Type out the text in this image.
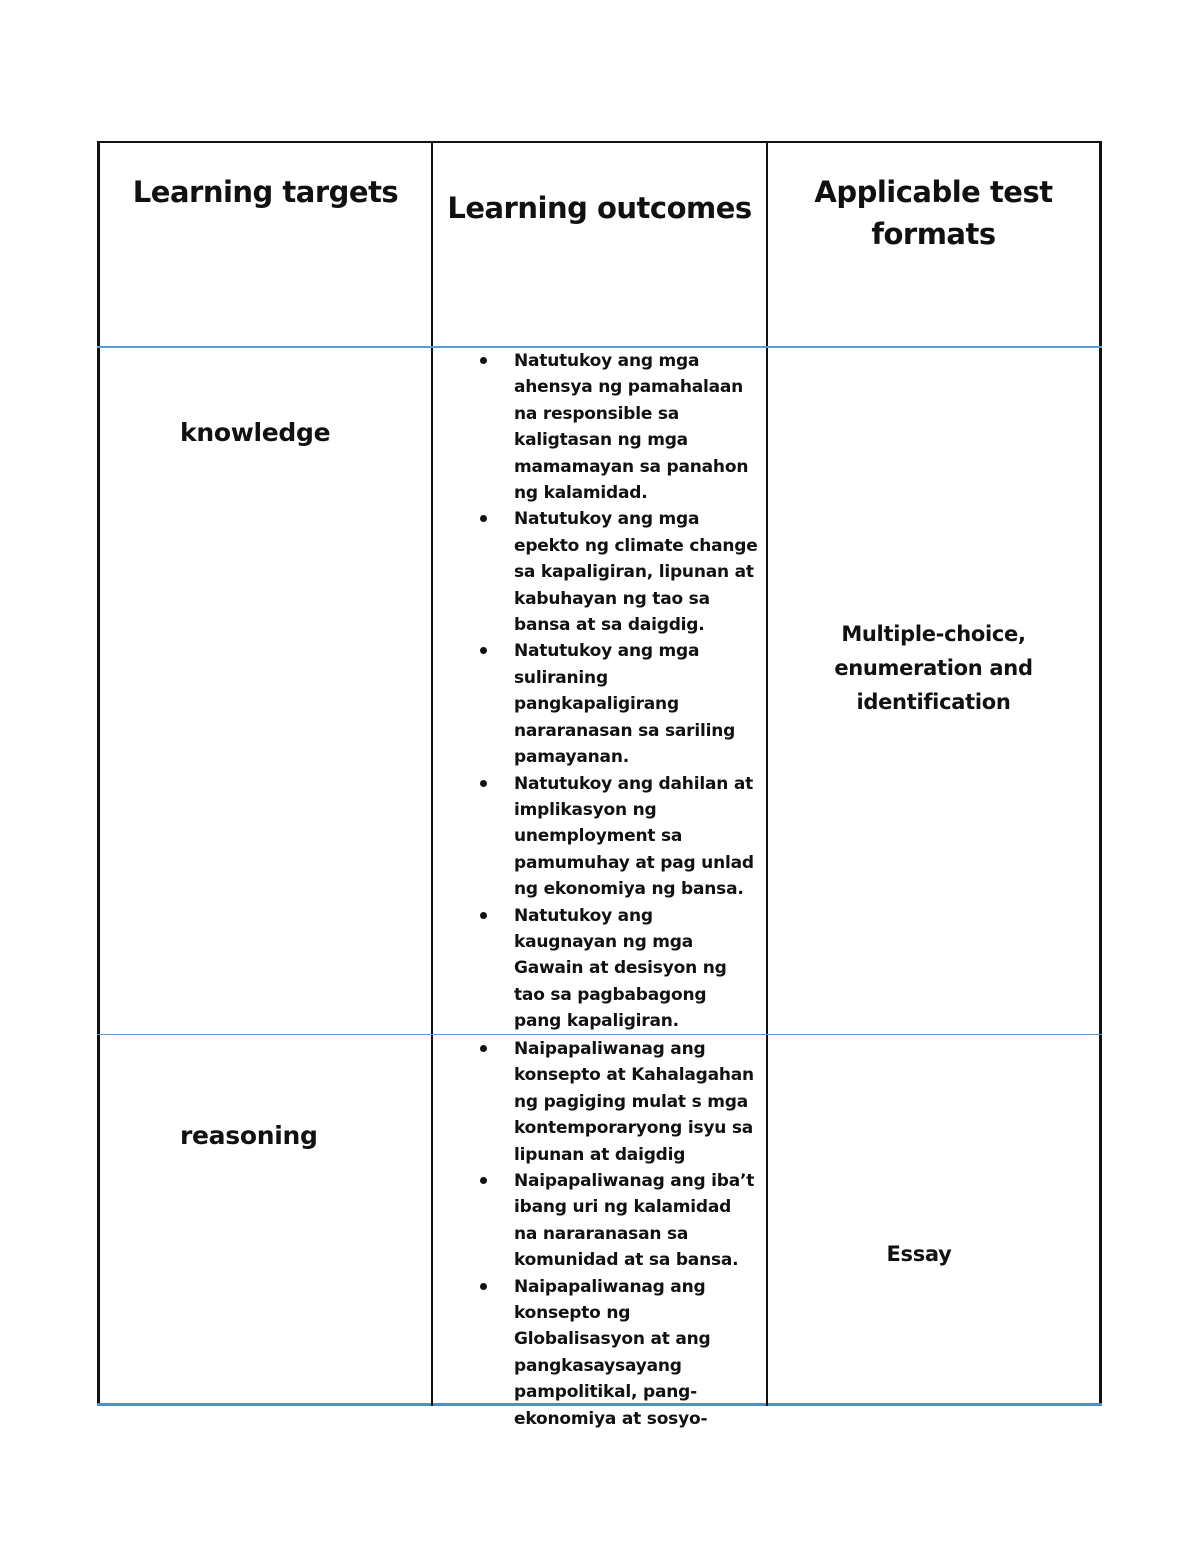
Learning targets	Learning outcomes	Applicable test formats
knowledge
Natutukoy ang mga ahensya ng pamahalaan na responsible sa kaligtasan ng mga mamamayan sa panahon ng kalamidad.
Natutukoy ang mga epekto ng climate change sa kapaligiran, lipunan at kabuhayan ng tao sa bansa at sa daigdig.
Natutukoy ang mga suliraning pangkapaligirang nararanasan sa sariling pamayanan.
Natutukoy ang dahilan at implikasyon ng unemployment sa pamumuhay at pag unlad ng ekonomiya ng bansa.
Natutukoy ang kaugnayan ng mga Gawain at desisyon ng tao sa pagbabagong pang kapaligiran.
Multiple-choice, enumeration and identification
reasoning
Naipapaliwanag ang konsepto at Kahalagahan ng pagiging mulat s mga kontemporaryong isyu sa lipunan at daigdig
Naipapaliwanag ang iba’t ibang uri ng kalamidad na nararanasan sa komunidad at sa bansa.
Naipapaliwanag ang konsepto ng Globalisasyon at ang pangkasaysayang pampolitikal, pang-ekonomiya at sosyo-
Essay
